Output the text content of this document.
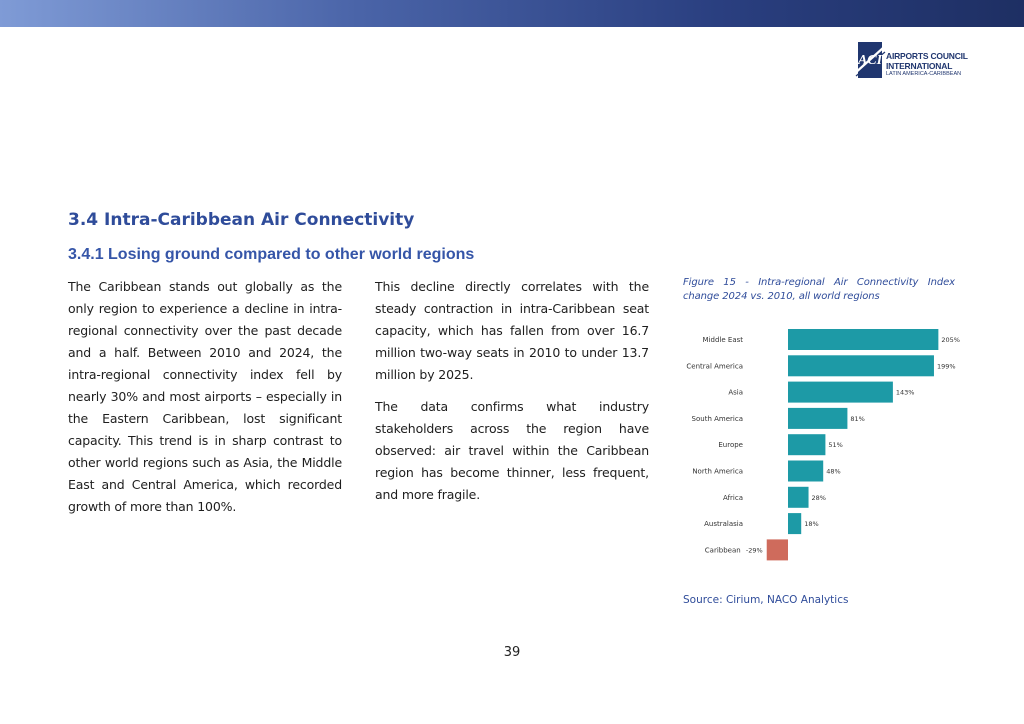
ACI AIRPORTS COUNCIL
INTERNATIONAL
LATIN AMERICA-CARIBBEAN
3.4 Intra-Caribbean Air Connectivity
3.4.1 Losing ground compared to other world regions

The Caribbean stands out globally as the only region to experience a decline in intra-regional connectivity over the past decade and a half. Between 2010 and 2024, the intra-regional connectivity index fell by nearly 30% and most airports – especially in the Eastern Caribbean, lost significant capacity. This trend is in sharp contrast to other world regions such as Asia, the Middle East and Central America, which recorded growth of more than 100%.

This decline directly correlates with the steady contraction in intra-Caribbean seat capacity, which has fallen from over 16.7 million two-way seats in 2010 to under 13.7 million by 2025.

The data confirms what industry stakeholders across the region have observed: air travel within the Caribbean region has become thinner, less frequent, and more fragile.

Figure 15 - Intra-regional Air Connectivity Index change 2024 vs. 2010, all world regions

Middle East	205%
Central America	199%
Asia	143%
South America	81%
Europe	51%
North America	48%
Africa	28%
Australasia	18%
Caribbean -29%
Source: Cirium, NACO Analytics
39
